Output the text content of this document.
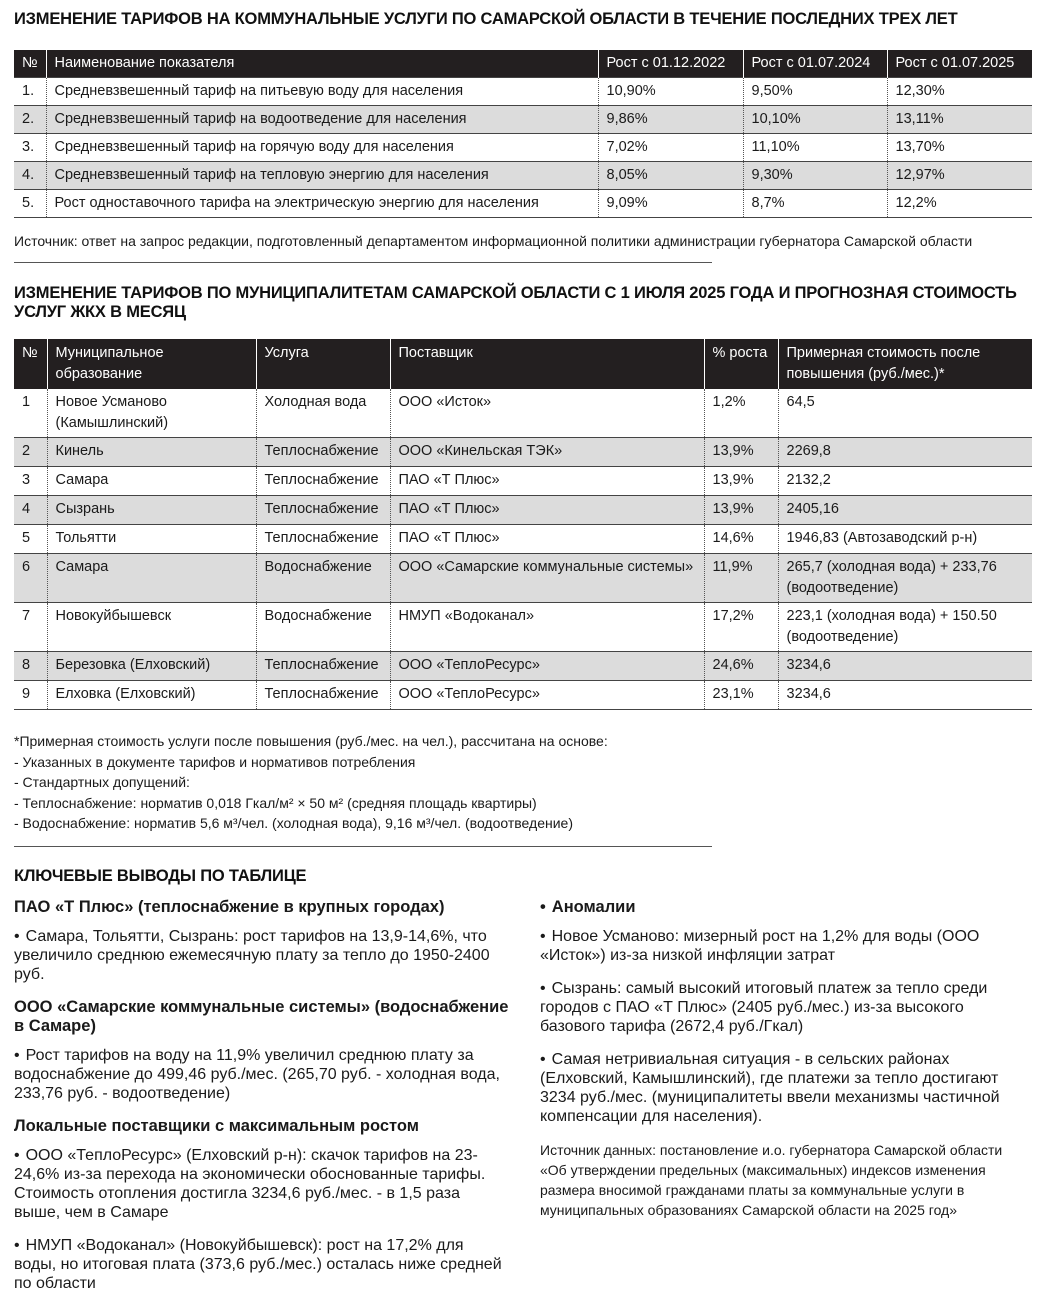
ИЗМЕНЕНИЕ ТАРИФОВ НА КОММУНАЛЬНЫЕ УСЛУГИ ПО САМАРСКОЙ ОБЛАСТИ В ТЕЧЕНИЕ ПОСЛЕДНИХ ТРЕХ ЛЕТ
№	Наименование показателя	Рост с 01.12.2022	Рост с 01.07.2024	Рост с 01.07.2025
1.	Средневзвешенный тариф на питьевую воду для населения	10,90%	9,50%	12,30%
2.	Средневзвешенный тариф на водоотведение для населения	9,86%	10,10%	13,11%
3.	Средневзвешенный тариф на горячую воду для населения	7,02%	11,10%	13,70%
4.	Средневзвешенный тариф на тепловую энергию для населения	8,05%	9,30%	12,97%
5.	Рост одноставочного тарифа на электрическую энергию для населения	9,09%	8,7%	12,2%

Источник: ответ на запрос редакции, подготовленный департаментом информационной политики администрации губернатора Самарской области

ИЗМЕНЕНИЕ ТАРИФОВ ПО МУНИЦИПАЛИТЕТАМ САМАРСКОЙ ОБЛАСТИ С 1 ИЮЛЯ 2025 ГОДА И ПРОГНОЗНАЯ СТОИМОСТЬ УСЛУГ ЖКХ В МЕСЯЦ
№	Муниципальное образование	Услуга	Поставщик	% роста	Примерная стоимость после повышения (руб./мес.)*
1	Новое Усманово (Камышлинский)	Холодная вода	ООО «Исток»	1,2%	64,5
2	Кинель	Теплоснабжение	ООО «Кинельская ТЭК»	13,9%	2269,8
3	Самара	Теплоснабжение	ПАО «Т Плюс»	13,9%	2132,2
4	Сызрань	Теплоснабжение	ПАО «Т Плюс»	13,9%	2405,16
5	Тольятти	Теплоснабжение	ПАО «Т Плюс»	14,6%	1946,83 (Автозаводский р-н)
6	Самара	Водоснабжение	ООО «Самарские коммунальные системы»	11,9%	265,7 (холодная вода) + 233,76 (водоотведение)
7	Новокуйбышевск	Водоснабжение	НМУП «Водоканал»	17,2%	223,1 (холодная вода) + 150.50 (водоотведение)
8	Березовка (Елховский)	Теплоснабжение	ООО «ТеплоРесурс»	24,6%	3234,6
9	Елховка (Елховский)	Теплоснабжение	ООО «ТеплоРесурс»	23,1%	3234,6

*Примерная стоимость услуги после повышения (руб./мес. на чел.), рассчитана на основе:

- Указанных в документе тарифов и нормативов потребления

- Стандартных допущений:

- Теплоснабжение: норматив 0,018 Гкал/м² × 50 м² (средняя площадь квартиры)

- Водоснабжение: норматив 5,6 м³/чел. (холодная вода), 9,16 м³/чел. (водоотведение)

КЛЮЧЕВЫЕ ВЫВОДЫ ПО ТАБЛИЦЕ
ПАО «Т Плюс» (теплоснабжение в крупных городах)

• Самара, Тольятти, Сызрань: рост тарифов на 13,9-14,6%, что увеличило среднюю ежемесячную плату за тепло до 1950-2400 руб.

ООО «Самарские коммунальные системы» (водоснабжение в Самаре)

• Рост тарифов на воду на 11,9% увеличил среднюю плату за водоснабжение до 499,46 руб./мес. (265,70 руб. - холодная вода, 233,76 руб. - водоотведение)

Локальные поставщики с максимальным ростом

• ООО «ТеплоРесурс» (Елховский р-н): скачок тарифов на 23-24,6% из-за перехода на экономически обоснованные тарифы. Стоимость отопления достигла 3234,6 руб./мес. - в 1,5 раза выше, чем в Самаре

• НМУП «Водоканал» (Новокуйбышевск): рост на 17,2% для воды, но итоговая плата (373,6 руб./мес.) осталась ниже средней по области

• Аномалии

• Новое Усманово: мизерный рост на 1,2% для воды (ООО «Исток») из-за низкой инфляции затрат

• Сызрань: самый высокий итоговый платеж за тепло среди городов с ПАО «Т Плюс» (2405 руб./мес.) из-за высокого базового тарифа (2672,4 руб./Гкал)

• Самая нетривиальная ситуация - в сельских районах (Елховский, Камышлинский), где платежи за тепло достигают 3234 руб./мес. (муниципалитеты ввели механизмы частичной компенсации для населения).

Источник данных: постановление и.о. губернатора Самарской области «Об утверждении предельных (максимальных) индексов изменения размера вносимой гражданами платы за коммунальные услуги в муниципальных образованиях Самарской области на 2025 год»
